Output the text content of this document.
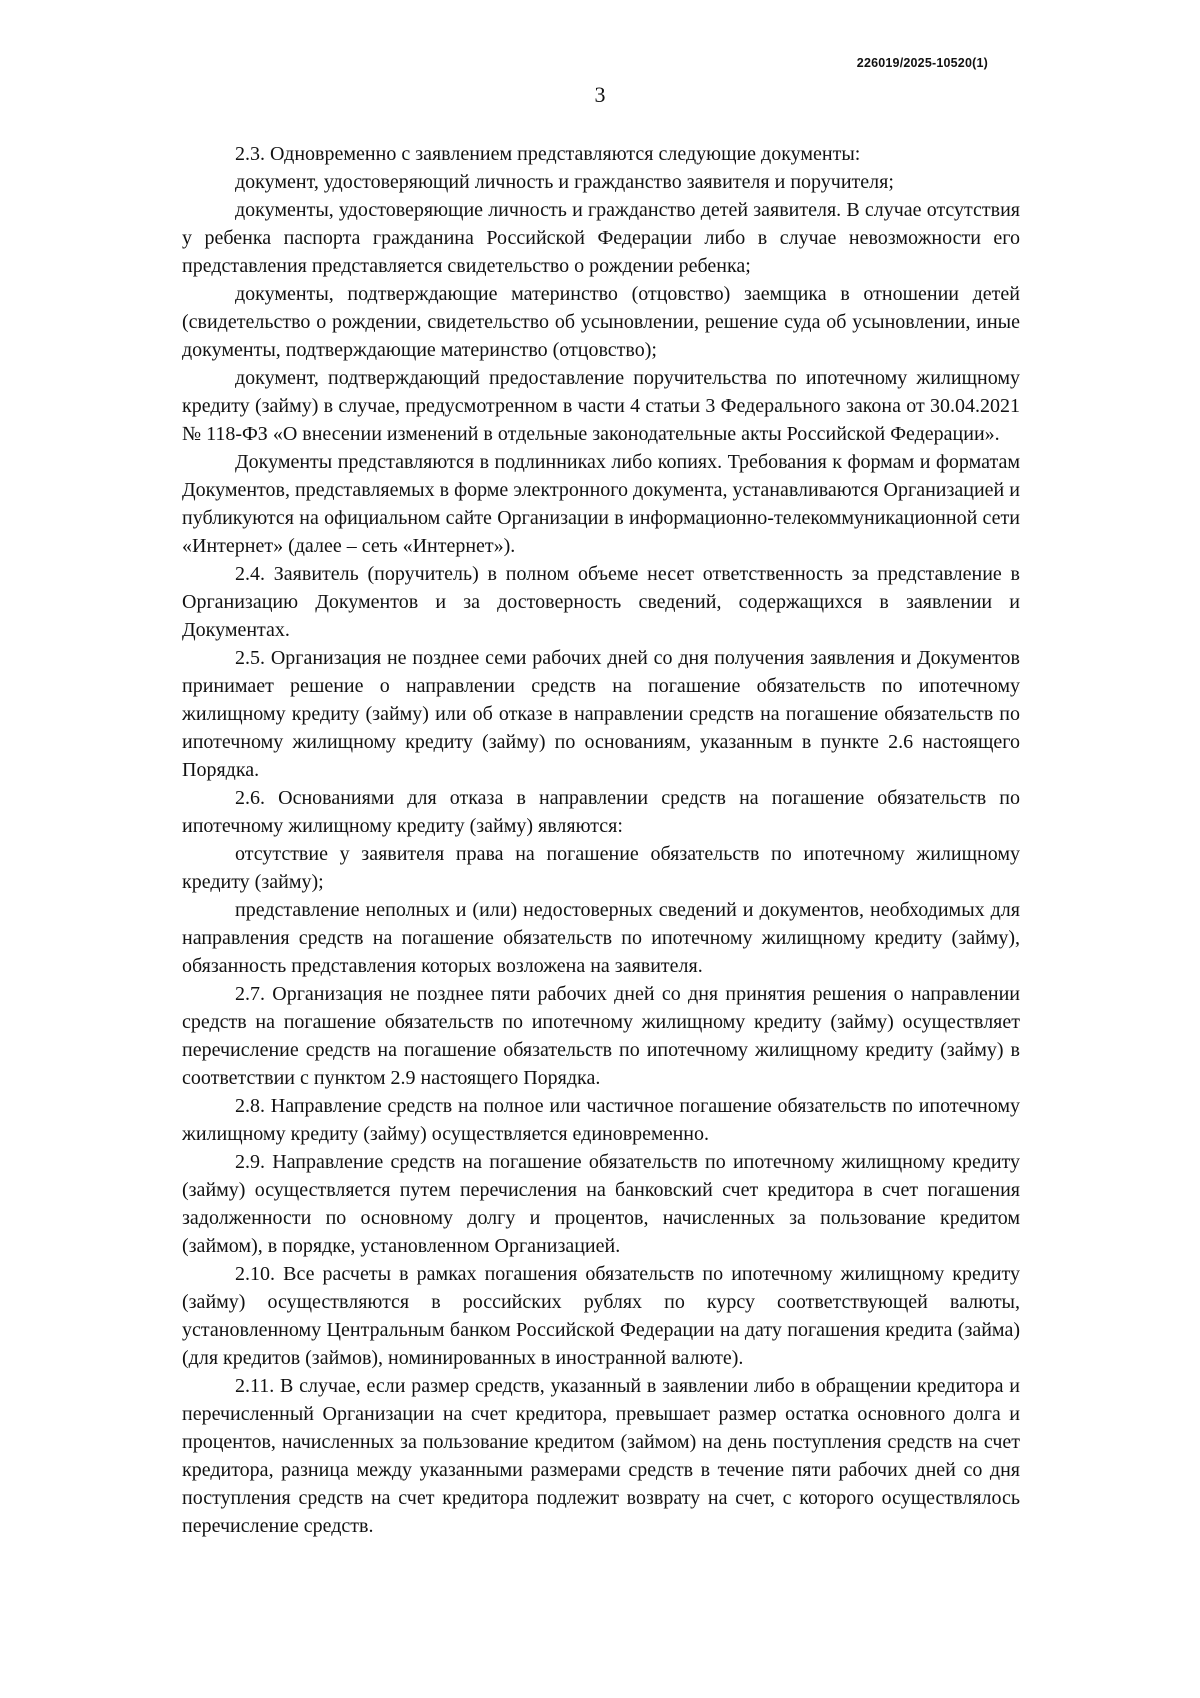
226019/2025-10520(1)
3

2.3. Одновременно с заявлением представляются следующие документы:

документ, удостоверяющий личность и гражданство заявителя и поручителя;

документы, удостоверяющие личность и гражданство детей заявителя. В случае отсутствия у ребенка паспорта гражданина Российской Федерации либо в случае невозможности его представления представляется свидетельство о рождении ребенка;

документы, подтверждающие материнство (отцовство) заемщика в отношении детей (свидетельство о рождении, свидетельство об усыновлении, решение суда об усыновлении, иные документы, подтверждающие материнство (отцовство);

документ, подтверждающий предоставление поручительства по ипотечному жилищному кредиту (займу) в случае, предусмотренном в части 4 статьи 3 Федерального закона от 30.04.2021 № 118-ФЗ «О внесении изменений в отдельные законодательные акты Российской Федерации».

Документы представляются в подлинниках либо копиях. Требования к формам и форматам Документов, представляемых в форме электронного документа, устанавливаются Организацией и публикуются на официальном сайте Организации в информационно-телекоммуникационной сети «Интернет» (далее – сеть «Интернет»).

2.4. Заявитель (поручитель) в полном объеме несет ответственность за представление в Организацию Документов и за достоверность сведений, содержащихся в заявлении и Документах.

2.5. Организация не позднее семи рабочих дней со дня получения заявления и Документов принимает решение о направлении средств на погашение обязательств по ипотечному жилищному кредиту (займу) или об отказе в направлении средств на погашение обязательств по ипотечному жилищному кредиту (займу) по основаниям, указанным в пункте 2.6 настоящего Порядка.

2.6. Основаниями для отказа в направлении средств на погашение обязательств по ипотечному жилищному кредиту (займу) являются:

отсутствие у заявителя права на погашение обязательств по ипотечному жилищному кредиту (займу);

представление неполных и (или) недостоверных сведений и документов, необходимых для направления средств на погашение обязательств по ипотечному жилищному кредиту (займу), обязанность представления которых возложена на заявителя.

2.7. Организация не позднее пяти рабочих дней со дня принятия решения о направлении средств на погашение обязательств по ипотечному жилищному кредиту (займу) осуществляет перечисление средств на погашение обязательств по ипотечному жилищному кредиту (займу) в соответствии с пунктом 2.9 настоящего Порядка.

2.8. Направление средств на полное или частичное погашение обязательств по ипотечному жилищному кредиту (займу) осуществляется единовременно.

2.9. Направление средств на погашение обязательств по ипотечному жилищному кредиту (займу) осуществляется путем перечисления на банковский счет кредитора в счет погашения задолженности по основному долгу и процентов, начисленных за пользование кредитом (займом), в порядке, установленном Организацией.

2.10. Все расчеты в рамках погашения обязательств по ипотечному жилищному кредиту (займу) осуществляются в российских рублях по курсу соответствующей валюты, установленному Центральным банком Российской Федерации на дату погашения кредита (займа) (для кредитов (займов), номинированных в иностранной валюте).

2.11. В случае, если размер средств, указанный в заявлении либо в обращении кредитора и перечисленный Организации на счет кредитора, превышает размер остатка основного долга и процентов, начисленных за пользование кредитом (займом) на день поступления средств на счет кредитора, разница между указанными размерами средств в течение пяти рабочих дней со дня поступления средств на счет кредитора подлежит возврату на счет, с которого осуществлялось перечисление средств.
